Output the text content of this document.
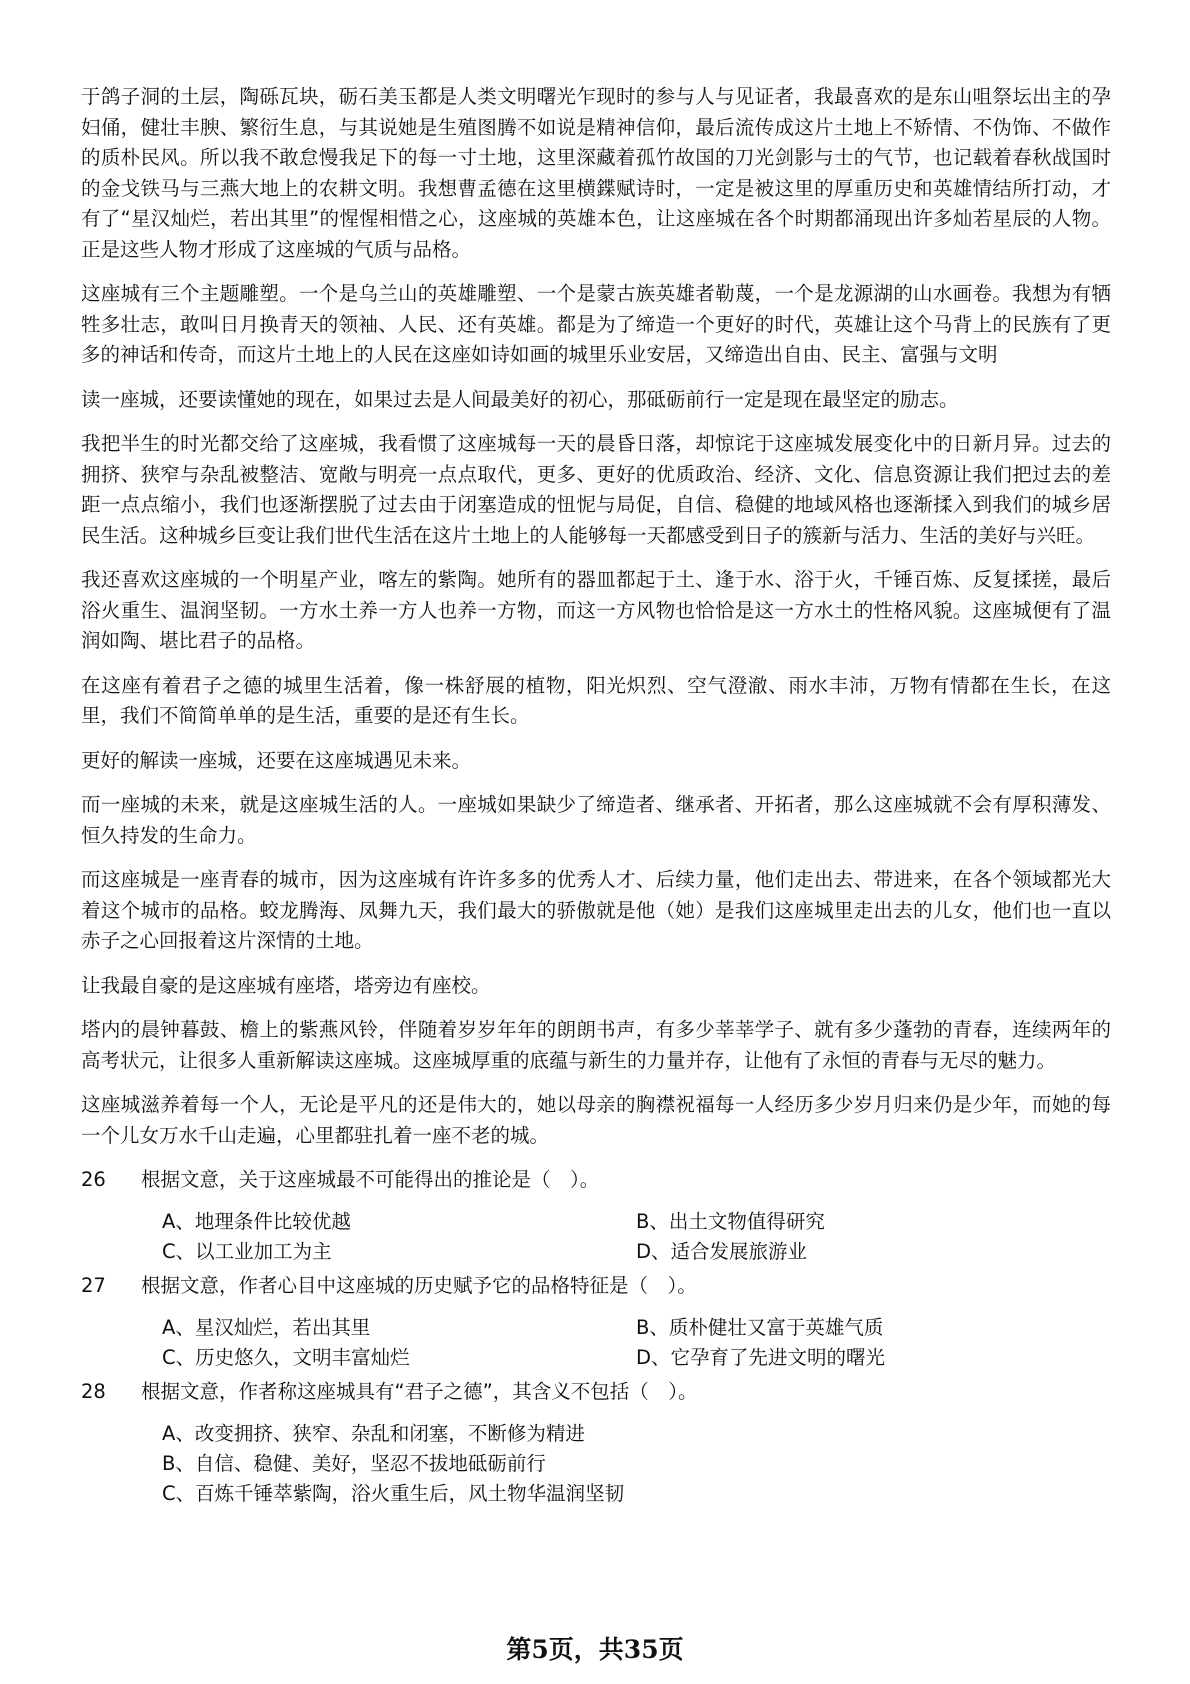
于鸽子洞的土层，陶砾瓦块，砺石美玉都是人类文明曙光乍现时的参与人与见证者，我最喜欢的是东山咀祭坛出主的孕妇俑，健壮丰腴、繁衍生息，与其说她是生殖图腾不如说是精神信仰，最后流传成这片土地上不矫情、不伪饰、不做作的质朴民风。所以我不敢怠慢我足下的每一寸土地，这里深藏着孤竹故国的刀光剑影与士的气节，也记载着春秋战国时的金戈铁马与三燕大地上的农耕文明。我想曹孟德在这里横鍱赋诗时，一定是被这里的厚重历史和英雄情结所打动，才有了“星汉灿烂，若出其里”的惺惺相惜之心，这座城的英雄本色，让这座城在各个时期都涌现出许多灿若星辰的人物。正是这些人物才形成了这座城的气质与品格。

这座城有三个主题雕塑。一个是乌兰山的英雄雕塑、一个是蒙古族英雄者勒蔑，一个是龙源湖的山水画卷。我想为有牺牲多壮志，敢叫日月换青天的领袖、人民、还有英雄。都是为了缔造一个更好的时代，英雄让这个马背上的民族有了更多的神话和传奇，而这片土地上的人民在这座如诗如画的城里乐业安居，又缔造出自由、民主、富强与文明

读一座城，还要读懂她的现在，如果过去是人间最美好的初心，那砥砺前行一定是现在最坚定的励志。

我把半生的时光都交给了这座城，我看惯了这座城每一天的晨昏日落，却惊诧于这座城发展变化中的日新月异。过去的拥挤、狭窄与杂乱被整洁、宽敞与明亮一点点取代，更多、更好的优质政治、经济、文化、信息资源让我们把过去的差距一点点缩小，我们也逐渐摆脱了过去由于闭塞造成的忸怩与局促，自信、稳健的地域风格也逐渐揉入到我们的城乡居民生活。这种城乡巨变让我们世代生活在这片土地上的人能够每一天都感受到日子的簇新与活力、生活的美好与兴旺。

我还喜欢这座城的一个明星产业，喀左的紫陶。她所有的器皿都起于土、逢于水、浴于火，千锤百炼、反复揉搓，最后浴火重生、温润坚韧。一方水土养一方人也养一方物，而这一方风物也恰恰是这一方水土的性格风貌。这座城便有了温润如陶、堪比君子的品格。

在这座有着君子之德的城里生活着，像一株舒展的植物，阳光炽烈、空气澄澈、雨水丰沛，万物有情都在生长，在这里，我们不简简单单的是生活，重要的是还有生长。

更好的解读一座城，还要在这座城遇见未来。

而一座城的未来，就是这座城生活的人。一座城如果缺少了缔造者、继承者、开拓者，那么这座城就不会有厚积薄发、恒久持发的生命力。

而这座城是一座青春的城市，因为这座城有许许多多的优秀人才、后续力量，他们走出去、带进来，在各个领域都光大着这个城市的品格。蛟龙腾海、凤舞九天，我们最大的骄傲就是他（她）是我们这座城里走出去的儿女，他们也一直以赤子之心回报着这片深情的土地。

让我最自豪的是这座城有座塔，塔旁边有座校。

塔内的晨钟暮鼓、檐上的紫燕风铃，伴随着岁岁年年的朗朗书声，有多少莘莘学子、就有多少蓬勃的青春，连续两年的高考状元，让很多人重新解读这座城。这座城厚重的底蕴与新生的力量并存，让他有了永恒的青春与无尽的魅力。

这座城滋养着每一个人，无论是平凡的还是伟大的，她以母亲的胸襟祝福每一人经历多少岁月归来仍是少年，而她的每一个儿女万水千山走遍，心里都驻扎着一座不老的城。

26	根据文意，关于这座城最不可能得出的推论是（　）。
A、地理条件比较优越	B、出土文物值得研究
C、以工业加工为主	D、适合发展旅游业
27	根据文意，作者心目中这座城的历史赋予它的品格特征是（　）。
A、星汉灿烂，若出其里	B、质朴健壮又富于英雄气质
C、历史悠久，文明丰富灿烂	D、它孕育了先进文明的曙光
28	根据文意，作者称这座城具有“君子之德”，其含义不包括（　）。
A、改变拥挤、狭窄、杂乱和闭塞，不断修为精进
B、自信、稳健、美好，坚忍不拔地砥砺前行
C、百炼千锤萃紫陶，浴火重生后，风土物华温润坚韧
第5页，共35页
